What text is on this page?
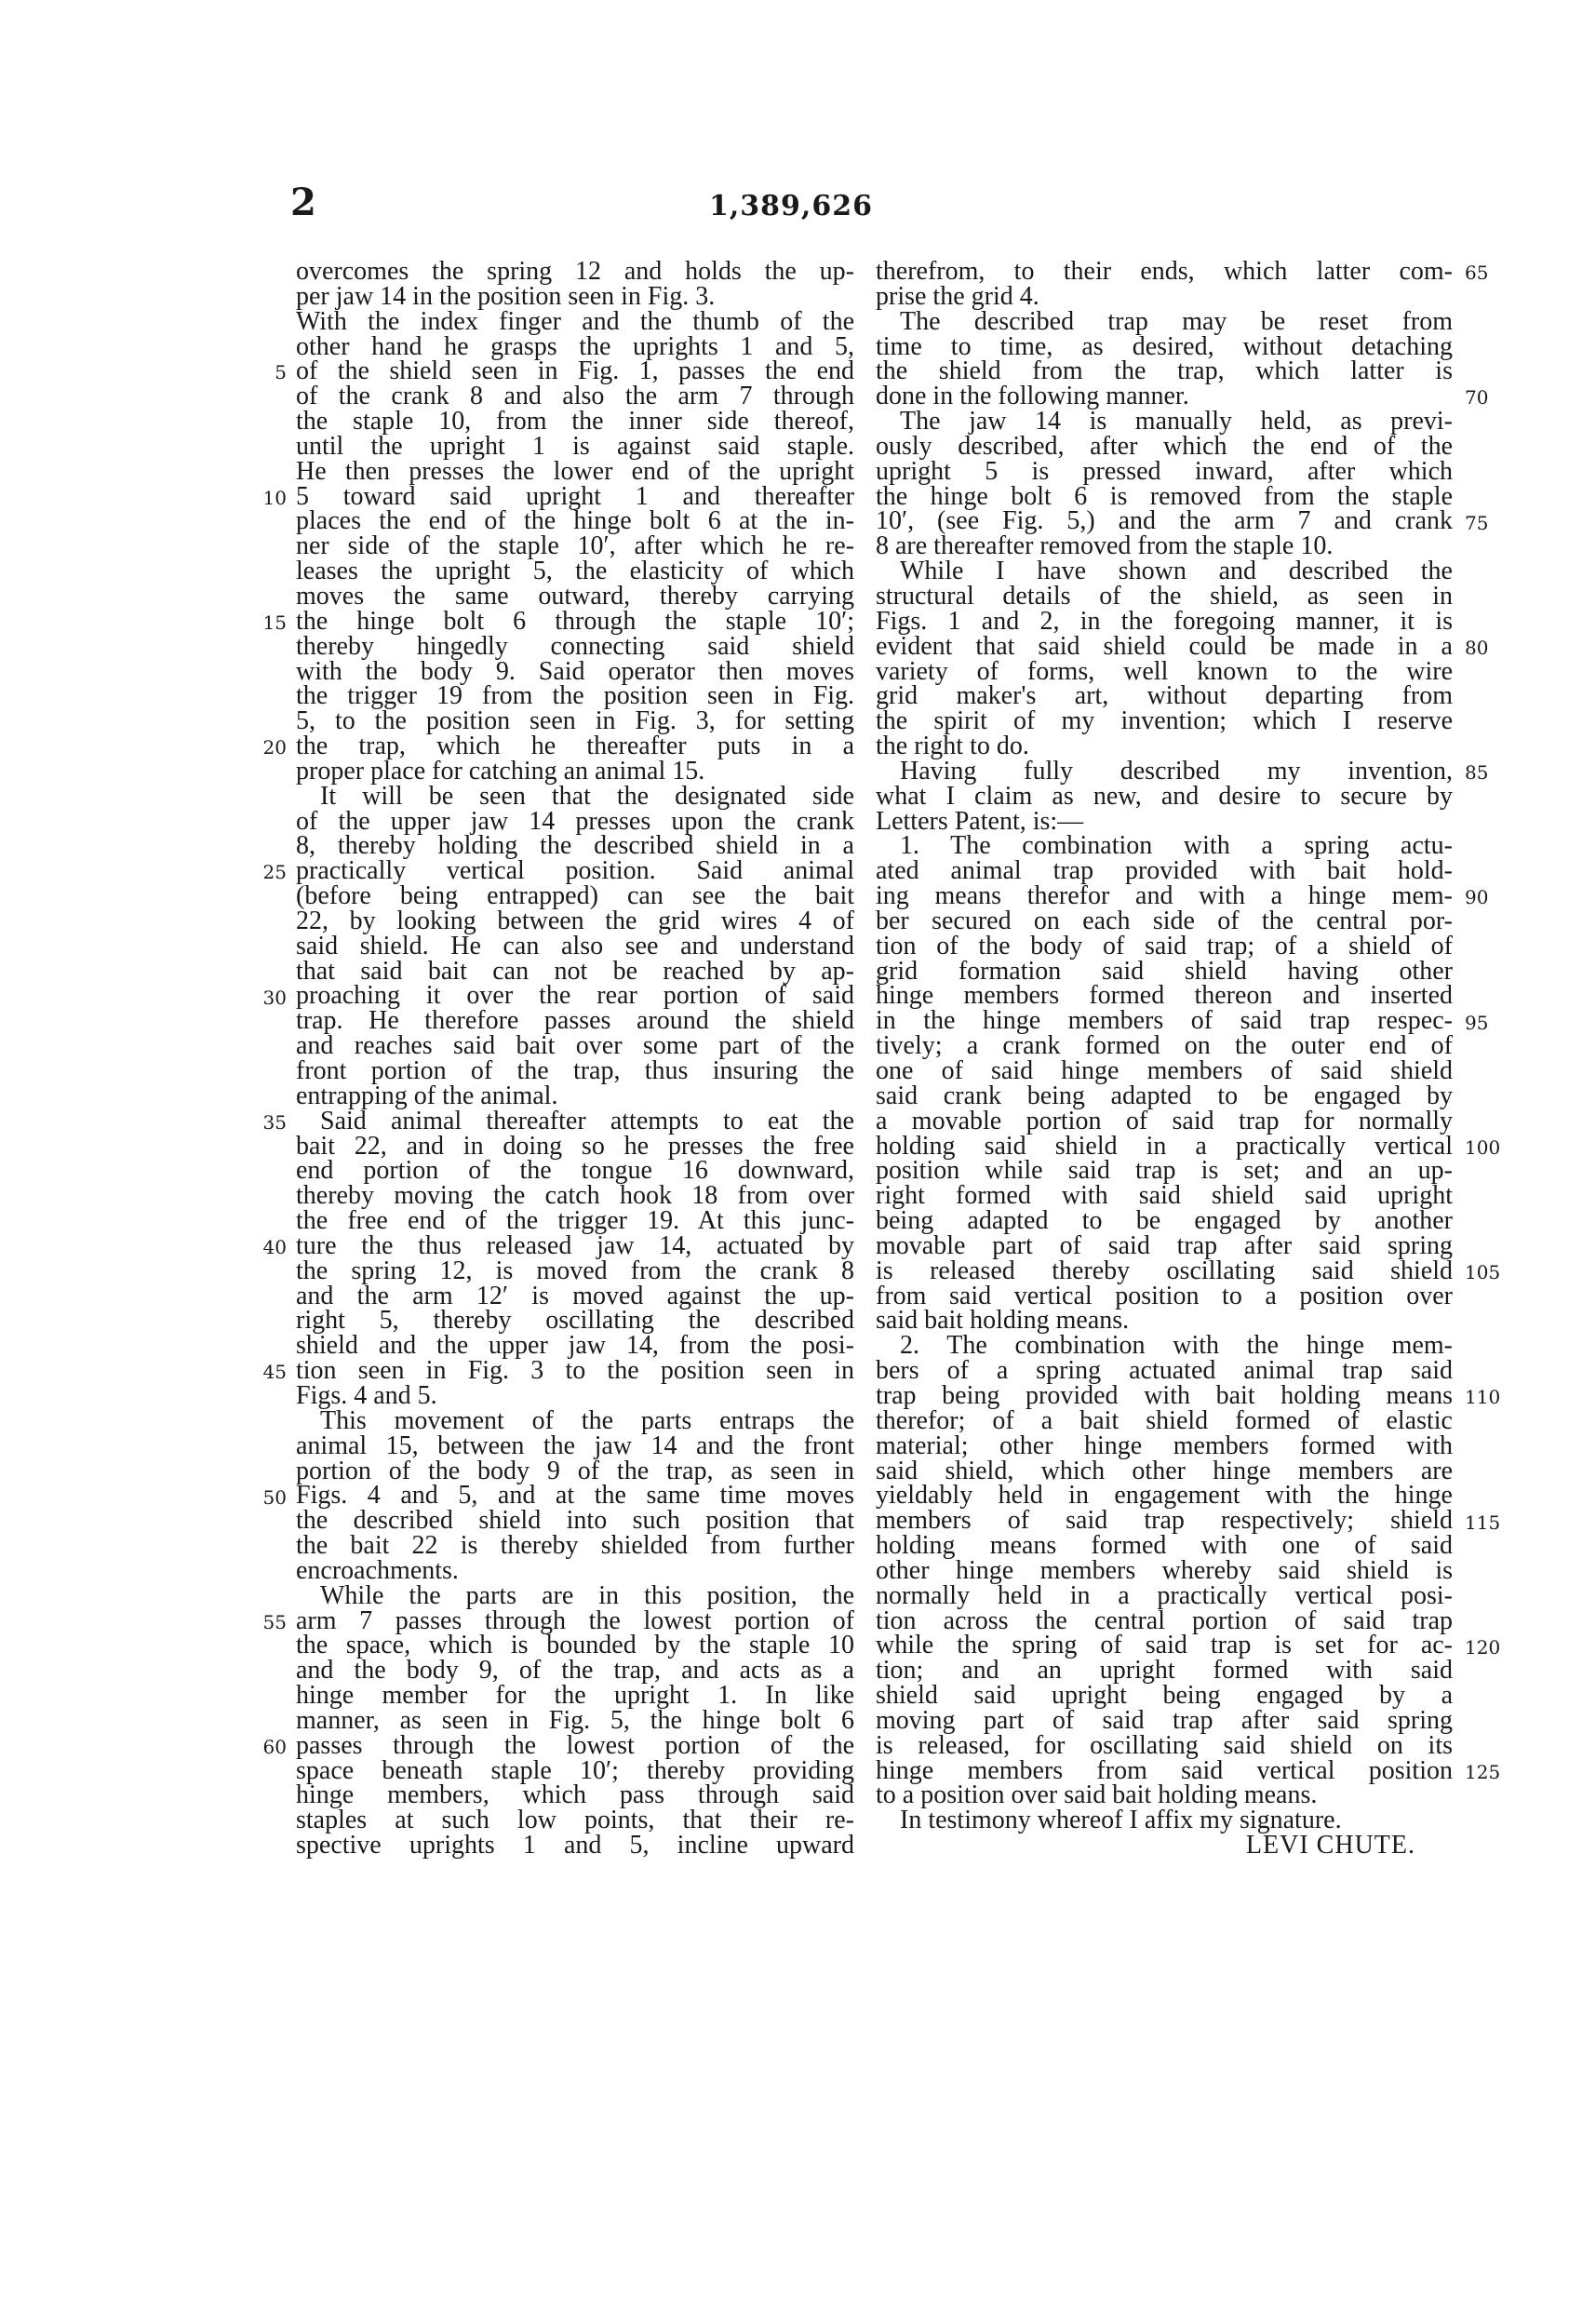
2	1,389,626
5
10
15
20
25
30
35
40
45
50
55
60
overcomes the spring 12 and holds the up-
per jaw 14 in the position seen in Fig. 3.
With the index finger and the thumb of the
other hand he grasps the uprights 1 and 5,
of the shield seen in Fig. 1, passes the end
of the crank 8 and also the arm 7 through
the staple 10, from the inner side thereof,
until the upright 1 is against said staple.
He then presses the lower end of the upright
5 toward said upright 1 and thereafter
places the end of the hinge bolt 6 at the in-
ner side of the staple 10′, after which he re-
leases the upright 5, the elasticity of which
moves the same outward, thereby carrying
the hinge bolt 6 through the staple 10′;
thereby hingedly connecting said shield
with the body 9. Said operator then moves
the trigger 19 from the position seen in Fig.
5, to the position seen in Fig. 3, for setting
the trap, which he thereafter puts in a
proper place for catching an animal 15.
It will be seen that the designated side
of the upper jaw 14 presses upon the crank
8, thereby holding the described shield in a
practically vertical position. Said animal
(before being entrapped) can see the bait
22, by looking between the grid wires 4 of
said shield. He can also see and understand
that said bait can not be reached by ap-
proaching it over the rear portion of said
trap. He therefore passes around the shield
and reaches said bait over some part of the
front portion of the trap, thus insuring the
entrapping of the animal.
Said animal thereafter attempts to eat the
bait 22, and in doing so he presses the free
end portion of the tongue 16 downward,
thereby moving the catch hook 18 from over
the free end of the trigger 19. At this junc-
ture the thus released jaw 14, actuated by
the spring 12, is moved from the crank 8
and the arm 12′ is moved against the up-
right 5, thereby oscillating the described
shield and the upper jaw 14, from the posi-
tion seen in Fig. 3 to the position seen in
Figs. 4 and 5.
This movement of the parts entraps the
animal 15, between the jaw 14 and the front
portion of the body 9 of the trap, as seen in
Figs. 4 and 5, and at the same time moves
the described shield into such position that
the bait 22 is thereby shielded from further
encroachments.
While the parts are in this position, the
arm 7 passes through the lowest portion of
the space, which is bounded by the staple 10
and the body 9, of the trap, and acts as a
hinge member for the upright 1. In like
manner, as seen in Fig. 5, the hinge bolt 6
passes through the lowest portion of the
space beneath staple 10′; thereby providing
hinge members, which pass through said
staples at such low points, that their re-
spective uprights 1 and 5, incline upward
therefrom, to their ends, which latter com-
prise the grid 4.
The described trap may be reset from
time to time, as desired, without detaching
the shield from the trap, which latter is
done in the following manner.
The jaw 14 is manually held, as previ-
ously described, after which the end of the
upright 5 is pressed inward, after which
the hinge bolt 6 is removed from the staple
10′, (see Fig. 5,) and the arm 7 and crank
8 are thereafter removed from the staple 10.
While I have shown and described the
structural details of the shield, as seen in
Figs. 1 and 2, in the foregoing manner, it is
evident that said shield could be made in a
variety of forms, well known to the wire
grid maker's art, without departing from
the spirit of my invention; which I reserve
the right to do.
Having fully described my invention,
what I claim as new, and desire to secure by
Letters Patent, is:—
1. The combination with a spring actu-
ated animal trap provided with bait hold-
ing means therefor and with a hinge mem-
ber secured on each side of the central por-
tion of the body of said trap; of a shield of
grid formation said shield having other
hinge members formed thereon and inserted
in the hinge members of said trap respec-
tively; a crank formed on the outer end of
one of said hinge members of said shield
said crank being adapted to be engaged by
a movable portion of said trap for normally
holding said shield in a practically vertical
position while said trap is set; and an up-
right formed with said shield said upright
being adapted to be engaged by another
movable part of said trap after said spring
is released thereby oscillating said shield
from said vertical position to a position over
said bait holding means.
2. The combination with the hinge mem-
bers of a spring actuated animal trap said
trap being provided with bait holding means
therefor; of a bait shield formed of elastic
material; other hinge members formed with
said shield, which other hinge members are
yieldably held in engagement with the hinge
members of said trap respectively; shield
holding means formed with one of said
other hinge members whereby said shield is
normally held in a practically vertical posi-
tion across the central portion of said trap
while the spring of said trap is set for ac-
tion; and an upright formed with said
shield said upright being engaged by a
moving part of said trap after said spring
is released, for oscillating said shield on its
hinge members from said vertical position
to a position over said bait holding means.
In testimony whereof I affix my signature.
LEVI CHUTE.
65
70
75
80
85
90
95
100
105
110
115
120
125
